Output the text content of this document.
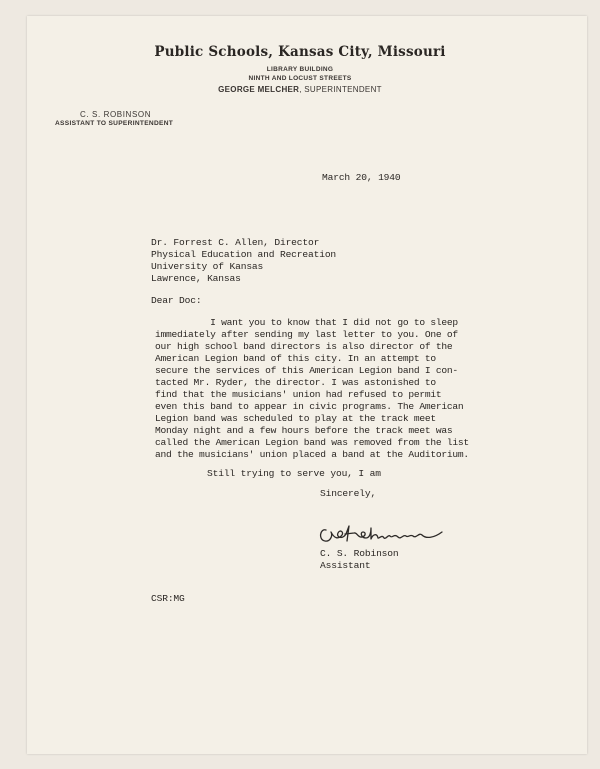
Public Schools, Kansas City, Missouri
LIBRARY BUILDING
NINTH AND LOCUST STREETS
GEORGE MELCHER, SUPERINTENDENT
C. S. ROBINSON
ASSISTANT TO SUPERINTENDENT
March 20, 1940
Dr. Forrest C. Allen, Director
Physical Education and Recreation
University of Kansas
Lawrence, Kansas
Dear Doc:
I want you to know that I did not go to sleep
immediately after sending my last letter to you. One of
our high school band directors is also director of the
American Legion band of this city. In an attempt to
secure the services of this American Legion band I con-
tacted Mr. Ryder, the director. I was astonished to
find that the musicians' union had refused to permit
even this band to appear in civic programs. The American
Legion band was scheduled to play at the track meet
Monday night and a few hours before the track meet was
called the American Legion band was removed from the list
and the musicians' union placed a band at the Auditorium.
Still trying to serve you, I am
Sincerely,
C. S. Robinson
Assistant
CSR:MG
